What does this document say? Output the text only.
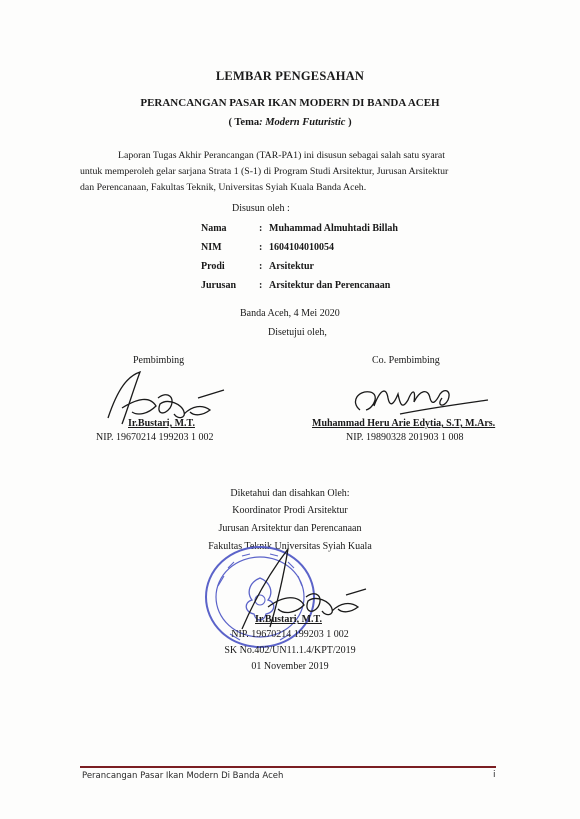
LEMBAR PENGESAHAN
PERANCANGAN PASAR IKAN MODERN DI BANDA ACEH
( Tema: Modern Futuristic )
Laporan Tugas Akhir Perancangan (TAR-PA1) ini disusun sebagai salah satu syarat
untuk memperoleh gelar sarjana Strata 1 (S-1) di Program Studi Arsitektur, Jurusan Arsitektur
dan Perencanaan, Fakultas Teknik, Universitas Syiah Kuala Banda Aceh.
Disusun oleh :
Nama	: Muhammad Almuhtadi Billah
NIM	: 1604104010054
Prodi	: Arsitektur
Jurusan : Arsitektur dan Perencanaan
Banda Aceh, 4 Mei 2020
Disetujui oleh,
Pembimbing
Ir.Bustari, M.T.
NIP. 19670214 199203 1 002
Co. Pembimbing
Muhammad Heru Arie Edytia, S.T, M.Ars.
NIP. 19890328 201903 1 008
Diketahui dan disahkan Oleh:
Koordinator Prodi Arsitektur
Jurusan Arsitektur dan Perencanaan
Fakultas Teknik Universitas Syiah Kuala
Ir.Bustari, M.T.
NIP. 19670214 199203 1 002
SK No.402/UN11.1.4/KPT/2019
01 November 2019
Perancangan Pasar Ikan Modern Di Banda Aceh	i
